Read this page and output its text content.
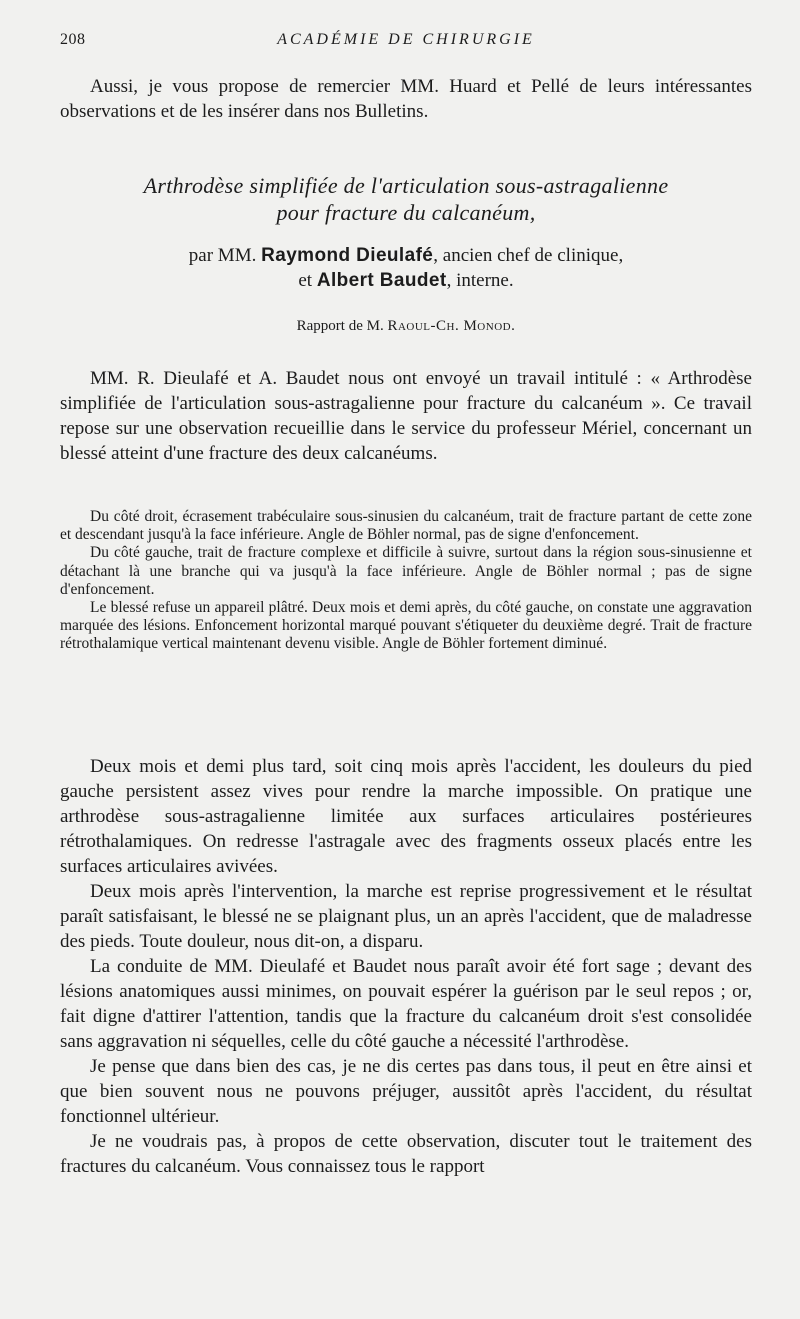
208	ACADÉMIE DE CHIRURGIE

Aussi, je vous propose de remercier MM. Huard et Pellé de leurs intéressantes observations et de les insérer dans nos Bulletins.

Arthrodèse simplifiée de l'articulation sous-astragalienne
pour fracture du calcanéum,
par MM. Raymond Dieulafé, ancien chef de clinique,
et Albert Baudet, interne.
Rapport de M. Raoul-Ch. Monod.

MM. R. Dieulafé et A. Baudet nous ont envoyé un travail intitulé : « Arthrodèse simplifiée de l'articulation sous-astragalienne pour fracture du calcanéum ». Ce travail repose sur une observation recueillie dans le service du professeur Mériel, concernant un blessé atteint d'une fracture des deux calcanéums.

Du côté droit, écrasement trabéculaire sous-sinusien du calcanéum, trait de fracture partant de cette zone et descendant jusqu'à la face inférieure. Angle de Böhler normal, pas de signe d'enfoncement.

Du côté gauche, trait de fracture complexe et difficile à suivre, surtout dans la région sous-sinusienne et détachant là une branche qui va jusqu'à la face inférieure. Angle de Böhler normal ; pas de signe d'enfoncement.

Le blessé refuse un appareil plâtré. Deux mois et demi après, du côté gauche, on constate une aggravation marquée des lésions. Enfoncement horizontal marqué pouvant s'étiqueter du deuxième degré. Trait de fracture rétrothalamique vertical maintenant devenu visible. Angle de Böhler fortement diminué.

Deux mois et demi plus tard, soit cinq mois après l'accident, les douleurs du pied gauche persistent assez vives pour rendre la marche impossible. On pratique une arthrodèse sous-astragalienne limitée aux surfaces articulaires postérieures rétrothalamiques. On redresse l'astragale avec des fragments osseux placés entre les surfaces articulaires avivées.

Deux mois après l'intervention, la marche est reprise progressivement et le résultat paraît satisfaisant, le blessé ne se plaignant plus, un an après l'accident, que de maladresse des pieds. Toute douleur, nous dit-on, a disparu.

La conduite de MM. Dieulafé et Baudet nous paraît avoir été fort sage ; devant des lésions anatomiques aussi minimes, on pouvait espérer la guérison par le seul repos ; or, fait digne d'attirer l'attention, tandis que la fracture du calcanéum droit s'est consolidée sans aggravation ni séquelles, celle du côté gauche a nécessité l'arthrodèse.

Je pense que dans bien des cas, je ne dis certes pas dans tous, il peut en être ainsi et que bien souvent nous ne pouvons préjuger, aussitôt après l'accident, du résultat fonctionnel ultérieur.

Je ne voudrais pas, à propos de cette observation, discuter tout le traitement des fractures du calcanéum. Vous connaissez tous le rapport
